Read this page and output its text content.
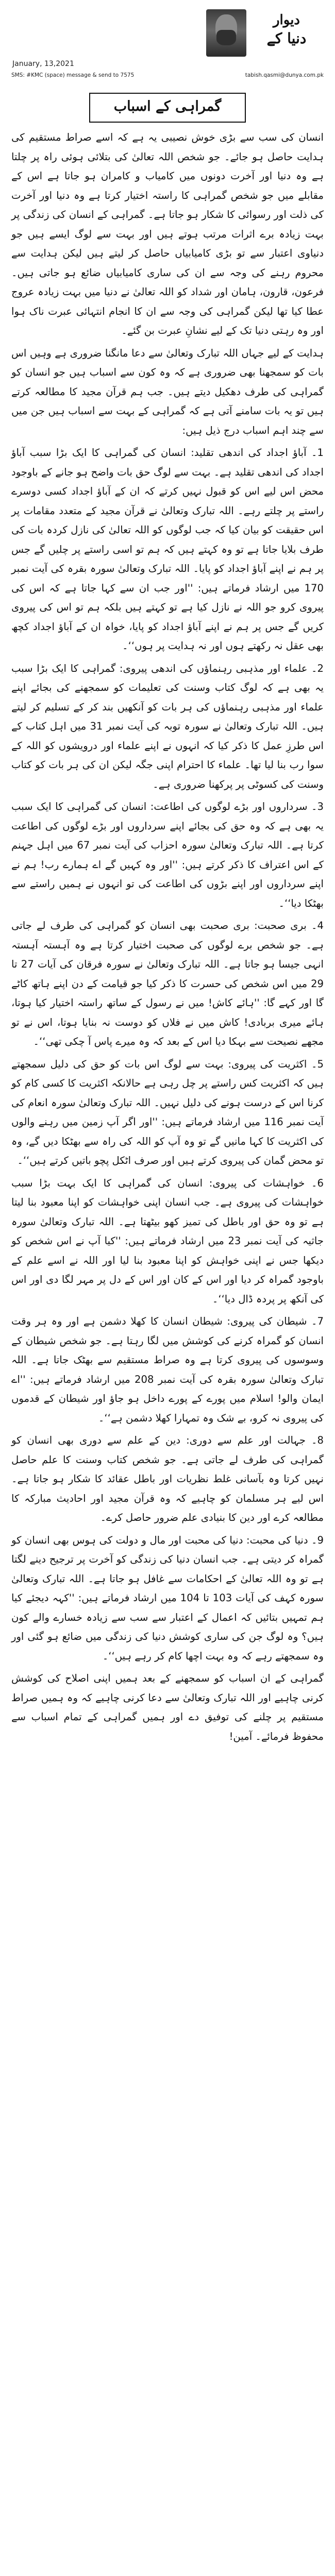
دیوار
دنیا کے
January, 13,2021
SMS: #KMC (space) message & send to 7575	tabish.qasmi@dunya.com.pk
گمراہی کے اسباب

انسان کی سب سے بڑی خوش نصیبی یہ ہے کہ اسے صراط مستقیم کی ہدایت حاصل ہو جائے۔ جو شخص اللہ تعالیٰ کی بتلائی ہوئی راہ پر چلتا ہے وہ دنیا اور آخرت دونوں میں کامیاب و کامران ہو جاتا ہے اس کے مقابلے میں جو شخص گمراہی کا راستہ اختیار کرتا ہے وہ دنیا اور آخرت کی ذلت اور رسوائی کا شکار ہو جاتا ہے۔ گمراہی کے انسان کی زندگی پر بہت زیادہ برے اثرات مرتب ہوتے ہیں اور بہت سے لوگ ایسے ہیں جو دنیاوی اعتبار سے تو بڑی کامیابیاں حاصل کر لیتے ہیں لیکن ہدایت سے محروم رہنے کی وجہ سے ان کی ساری کامیابیاں ضائع ہو جاتی ہیں۔ فرعون، قارون، ہامان اور شداد کو اللہ تعالیٰ نے دنیا میں بہت زیادہ عروج عطا کیا تھا لیکن گمراہی کی وجہ سے ان کا انجام انتہائی عبرت ناک ہوا اور وہ رہتی دنیا تک کے لیے نشانِ عبرت بن گئے۔

ہدایت کے لیے جہاں اللہ تبارک وتعالیٰ سے دعا مانگنا ضروری ہے وہیں اس بات کو سمجھنا بھی ضروری ہے کہ وہ کون سے اسباب ہیں جو انسان کو گمراہی کی طرف دھکیل دیتے ہیں۔ جب ہم قرآن مجید کا مطالعہ کرتے ہیں تو یہ بات سامنے آتی ہے کہ گمراہی کے بہت سے اسباب ہیں جن میں سے چند اہم اسباب درج ذیل ہیں:

1۔ آباؤ اجداد کی اندھی تقلید: انسان کی گمراہی کا ایک بڑا سبب آباؤ اجداد کی اندھی تقلید ہے۔ بہت سے لوگ حق بات واضح ہو جانے کے باوجود محض اس لیے اس کو قبول نہیں کرتے کہ ان کے آباؤ اجداد کسی دوسرے راستے پر چلتے رہے۔ اللہ تبارک وتعالیٰ نے قرآن مجید کے متعدد مقامات پر اس حقیقت کو بیان کیا کہ جب لوگوں کو اللہ تعالیٰ کی نازل کردہ بات کی طرف بلایا جاتا ہے تو وہ کہتے ہیں کہ ہم تو اسی راستے پر چلیں گے جس پر ہم نے اپنے آباؤ اجداد کو پایا۔ اللہ تبارک وتعالیٰ سورہ بقرہ کی آیت نمبر 170 میں ارشاد فرماتے ہیں: ''اور جب ان سے کہا جاتا ہے کہ اس کی پیروی کرو جو اللہ نے نازل کیا ہے تو کہتے ہیں بلکہ ہم تو اس کی پیروی کریں گے جس پر ہم نے اپنے آباؤ اجداد کو پایا، خواہ ان کے آباؤ اجداد کچھ بھی عقل نہ رکھتے ہوں اور نہ ہدایت پر ہوں‘‘۔

2۔ علماء اور مذہبی رہنماؤں کی اندھی پیروی: گمراہی کا ایک بڑا سبب یہ بھی ہے کہ لوگ کتاب وسنت کی تعلیمات کو سمجھنے کی بجائے اپنے علماء اور مذہبی رہنماؤں کی ہر بات کو آنکھیں بند کر کے تسلیم کر لیتے ہیں۔ اللہ تبارک وتعالیٰ نے سورہ توبہ کی آیت نمبر 31 میں اہل کتاب کے اس طرزِ عمل کا ذکر کیا کہ انہوں نے اپنے علماء اور درویشوں کو اللہ کے سوا رب بنا لیا تھا۔ علماء کا احترام اپنی جگہ لیکن ان کی ہر بات کو کتاب وسنت کی کسوٹی پر پرکھنا ضروری ہے۔

3۔ سرداروں اور بڑے لوگوں کی اطاعت: انسان کی گمراہی کا ایک سبب یہ بھی ہے کہ وہ حق کی بجائے اپنے سرداروں اور بڑے لوگوں کی اطاعت کرتا ہے۔ اللہ تبارک وتعالیٰ سورہ احزاب کی آیت نمبر 67 میں اہل جہنم کے اس اعتراف کا ذکر کرتے ہیں: ''اور وہ کہیں گے اے ہمارے رب! ہم نے اپنے سرداروں اور اپنے بڑوں کی اطاعت کی تو انہوں نے ہمیں راستے سے بھٹکا دیا‘‘۔

4۔ بری صحبت: بری صحبت بھی انسان کو گمراہی کی طرف لے جاتی ہے۔ جو شخص برے لوگوں کی صحبت اختیار کرتا ہے وہ آہستہ آہستہ انہی جیسا ہو جاتا ہے۔ اللہ تبارک وتعالیٰ نے سورہ فرقان کی آیات 27 تا 29 میں اس شخص کی حسرت کا ذکر کیا جو قیامت کے دن اپنے ہاتھ کاٹے گا اور کہے گا: ''ہائے کاش! میں نے رسول کے ساتھ راستہ اختیار کیا ہوتا، ہائے میری بربادی! کاش میں نے فلاں کو دوست نہ بنایا ہوتا، اس نے تو مجھے نصیحت سے بہکا دیا اس کے بعد کہ وہ میرے پاس آ چکی تھی‘‘۔

5۔ اکثریت کی پیروی: بہت سے لوگ اس بات کو حق کی دلیل سمجھتے ہیں کہ اکثریت کس راستے پر چل رہی ہے حالانکہ اکثریت کا کسی کام کو کرنا اس کے درست ہونے کی دلیل نہیں۔ اللہ تبارک وتعالیٰ سورہ انعام کی آیت نمبر 116 میں ارشاد فرماتے ہیں: ''اور اگر آپ زمین میں رہنے والوں کی اکثریت کا کہا مانیں گے تو وہ آپ کو اللہ کی راہ سے بھٹکا دیں گے، وہ تو محض گمان کی پیروی کرتے ہیں اور صرف اٹکل پچو باتیں کرتے ہیں‘‘۔

6۔ خواہشات کی پیروی: انسان کی گمراہی کا ایک بہت بڑا سبب خواہشات کی پیروی ہے۔ جب انسان اپنی خواہشات کو اپنا معبود بنا لیتا ہے تو وہ حق اور باطل کی تمیز کھو بیٹھتا ہے۔ اللہ تبارک وتعالیٰ سورہ جاثیہ کی آیت نمبر 23 میں ارشاد فرماتے ہیں: ''کیا آپ نے اس شخص کو دیکھا جس نے اپنی خواہش کو اپنا معبود بنا لیا اور اللہ نے اسے علم کے باوجود گمراہ کر دیا اور اس کے کان اور اس کے دل پر مہر لگا دی اور اس کی آنکھ پر پردہ ڈال دیا‘‘۔

7۔ شیطان کی پیروی: شیطان انسان کا کھلا دشمن ہے اور وہ ہر وقت انسان کو گمراہ کرنے کی کوشش میں لگا رہتا ہے۔ جو شخص شیطان کے وسوسوں کی پیروی کرتا ہے وہ صراط مستقیم سے بھٹک جاتا ہے۔ اللہ تبارک وتعالیٰ سورہ بقرہ کی آیت نمبر 208 میں ارشاد فرماتے ہیں: ''اے ایمان والو! اسلام میں پورے کے پورے داخل ہو جاؤ اور شیطان کے قدموں کی پیروی نہ کرو، بے شک وہ تمہارا کھلا دشمن ہے‘‘۔

8۔ جہالت اور علم سے دوری: دین کے علم سے دوری بھی انسان کو گمراہی کی طرف لے جاتی ہے۔ جو شخص کتاب وسنت کا علم حاصل نہیں کرتا وہ بآسانی غلط نظریات اور باطل عقائد کا شکار ہو جاتا ہے۔ اس لیے ہر مسلمان کو چاہیے کہ وہ قرآن مجید اور احادیث مبارکہ کا مطالعہ کرے اور دین کا بنیادی علم ضرور حاصل کرے۔

9۔ دنیا کی محبت: دنیا کی محبت اور مال و دولت کی ہوس بھی انسان کو گمراہ کر دیتی ہے۔ جب انسان دنیا کی زندگی کو آخرت پر ترجیح دینے لگتا ہے تو وہ اللہ تعالیٰ کے احکامات سے غافل ہو جاتا ہے۔ اللہ تبارک وتعالیٰ سورہ کہف کی آیات 103 تا 104 میں ارشاد فرماتے ہیں: ''کہہ دیجئے کیا ہم تمہیں بتائیں کہ اعمال کے اعتبار سے سب سے زیادہ خسارے والے کون ہیں؟ وہ لوگ جن کی ساری کوشش دنیا کی زندگی میں ضائع ہو گئی اور وہ سمجھتے رہے کہ وہ بہت اچھا کام کر رہے ہیں‘‘۔

گمراہی کے ان اسباب کو سمجھنے کے بعد ہمیں اپنی اصلاح کی کوشش کرنی چاہیے اور اللہ تبارک وتعالیٰ سے دعا کرنی چاہیے کہ وہ ہمیں صراط مستقیم پر چلنے کی توفیق دے اور ہمیں گمراہی کے تمام اسباب سے محفوظ فرمائے۔ آمین!
